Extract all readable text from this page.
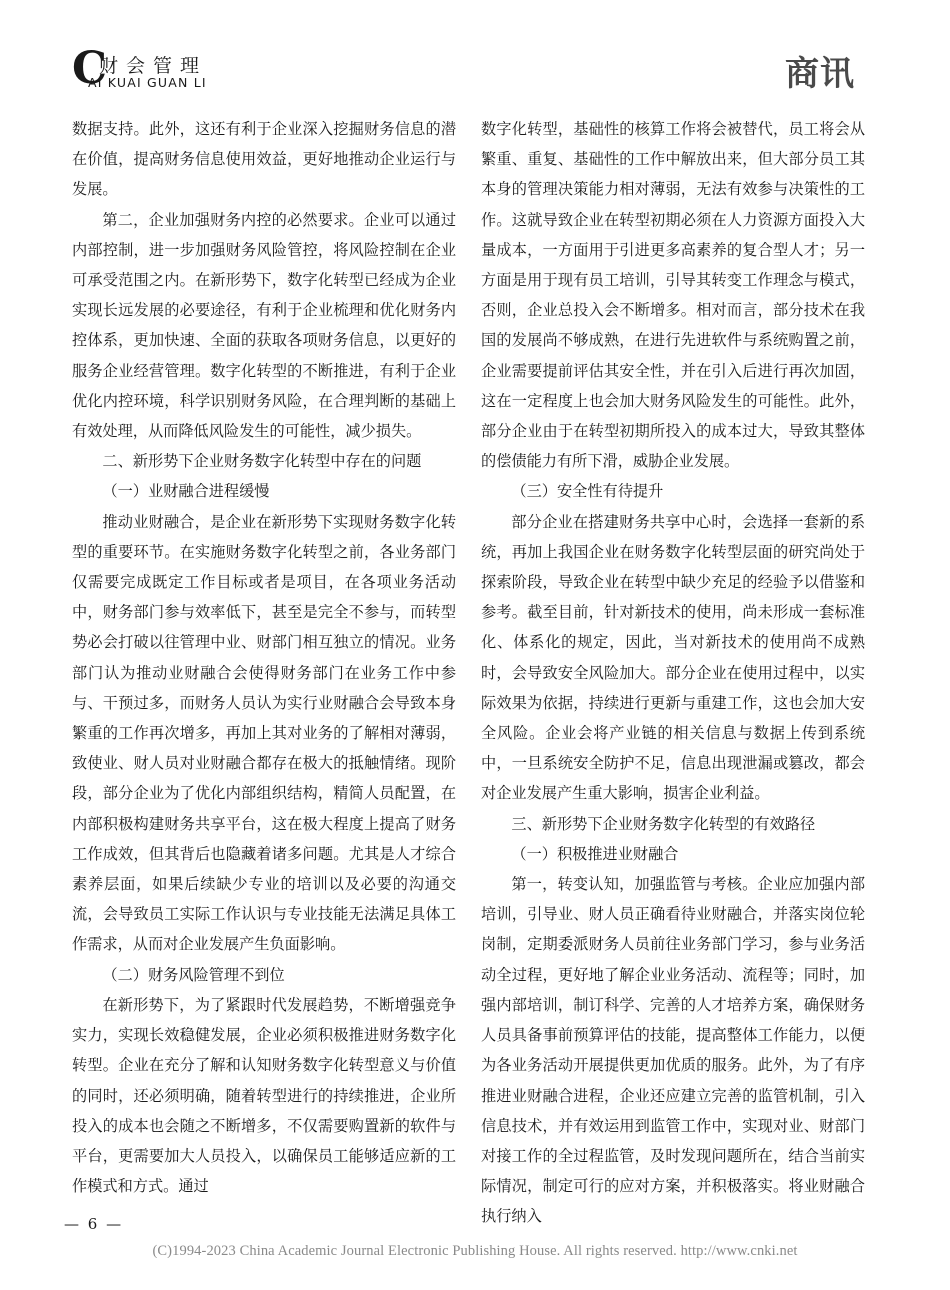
C
财会管理
AI KUAI GUAN LI	商讯

数据支持。此外，这还有利于企业深入挖掘财务信息的潜在价值，提高财务信息使用效益，更好地推动企业运行与发展。

第二，企业加强财务内控的必然要求。企业可以通过内部控制，进一步加强财务风险管控，将风险控制在企业可承受范围之内。在新形势下，数字化转型已经成为企业实现长远发展的必要途径，有利于企业梳理和优化财务内控体系，更加快速、全面的获取各项财务信息，以更好的服务企业经营管理。数字化转型的不断推进，有利于企业优化内控环境，科学识别财务风险，在合理判断的基础上有效处理，从而降低风险发生的可能性，减少损失。

二、新形势下企业财务数字化转型中存在的问题

（一）业财融合进程缓慢

推动业财融合，是企业在新形势下实现财务数字化转型的重要环节。在实施财务数字化转型之前，各业务部门仅需要完成既定工作目标或者是项目，在各项业务活动中，财务部门参与效率低下，甚至是完全不参与，而转型势必会打破以往管理中业、财部门相互独立的情况。业务部门认为推动业财融合会使得财务部门在业务工作中参与、干预过多，而财务人员认为实行业财融合会导致本身繁重的工作再次增多，再加上其对业务的了解相对薄弱，致使业、财人员对业财融合都存在极大的抵触情绪。现阶段，部分企业为了优化内部组织结构，精简人员配置，在内部积极构建财务共享平台，这在极大程度上提高了财务工作成效，但其背后也隐藏着诸多问题。尤其是人才综合素养层面，如果后续缺少专业的培训以及必要的沟通交流，会导致员工实际工作认识与专业技能无法满足具体工作需求，从而对企业发展产生负面影响。

（二）财务风险管理不到位

在新形势下，为了紧跟时代发展趋势，不断增强竞争实力，实现长效稳健发展，企业必须积极推进财务数字化转型。企业在充分了解和认知财务数字化转型意义与价值的同时，还必须明确，随着转型进行的持续推进，企业所投入的成本也会随之不断增多，不仅需要购置新的软件与平台，更需要加大人员投入，以确保员工能够适应新的工作模式和方式。通过

数字化转型，基础性的核算工作将会被替代，员工将会从繁重、重复、基础性的工作中解放出来，但大部分员工其本身的管理决策能力相对薄弱，无法有效参与决策性的工作。这就导致企业在转型初期必须在人力资源方面投入大量成本，一方面用于引进更多高素养的复合型人才；另一方面是用于现有员工培训，引导其转变工作理念与模式，否则，企业总投入会不断增多。相对而言，部分技术在我国的发展尚不够成熟，在进行先进软件与系统购置之前，企业需要提前评估其安全性，并在引入后进行再次加固，这在一定程度上也会加大财务风险发生的可能性。此外，部分企业由于在转型初期所投入的成本过大，导致其整体的偿债能力有所下滑，威胁企业发展。

（三）安全性有待提升

部分企业在搭建财务共享中心时，会选择一套新的系统，再加上我国企业在财务数字化转型层面的研究尚处于探索阶段，导致企业在转型中缺少充足的经验予以借鉴和参考。截至目前，针对新技术的使用，尚未形成一套标准化、体系化的规定，因此，当对新技术的使用尚不成熟时，会导致安全风险加大。部分企业在使用过程中，以实际效果为依据，持续进行更新与重建工作，这也会加大安全风险。企业会将产业链的相关信息与数据上传到系统中，一旦系统安全防护不足，信息出现泄漏或篡改，都会对企业发展产生重大影响，损害企业利益。

三、新形势下企业财务数字化转型的有效路径

（一）积极推进业财融合

第一，转变认知，加强监管与考核。企业应加强内部培训，引导业、财人员正确看待业财融合，并落实岗位轮岗制，定期委派财务人员前往业务部门学习，参与业务活动全过程，更好地了解企业业务活动、流程等；同时，加强内部培训，制订科学、完善的人才培养方案，确保财务人员具备事前预算评估的技能，提高整体工作能力，以便为各业务活动开展提供更加优质的服务。此外，为了有序推进业财融合进程，企业还应建立完善的监管机制，引入信息技术，并有效运用到监管工作中，实现对业、财部门对接工作的全过程监管，及时发现问题所在，结合当前实际情况，制定可行的应对方案，并积极落实。将业财融合执行纳入

— 6 —
(C)1994-2023 China Academic Journal Electronic Publishing House. All rights reserved. http://www.cnki.net
